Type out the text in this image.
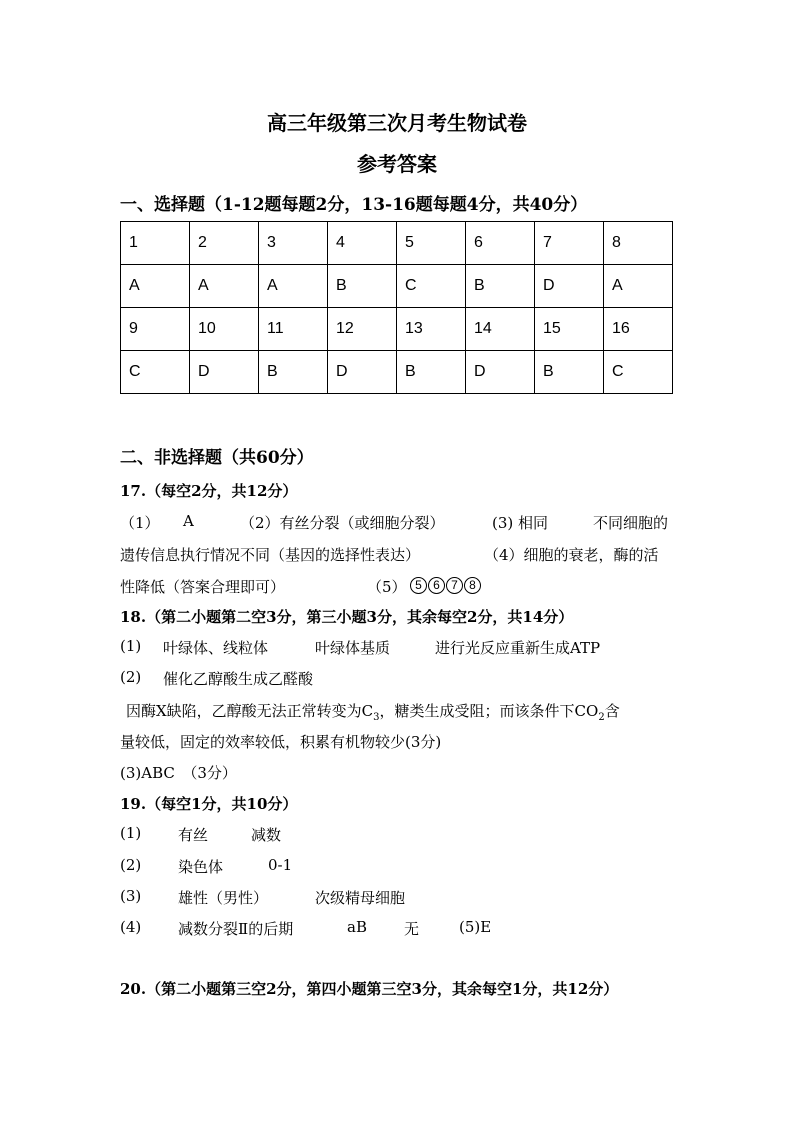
高三年级第三次月考生物试卷
参考答案
一、选择题（1-12题每题2分，13-16题每题4分，共40分）
1	2	3	4	5	6	7	8
A	A	A	B	C	B	D	A
9	10	11	12	13	14	15	16
C	D	B	D	B	D	B	C
二、非选择题（共60分）
17.（每空2分，共12分）
（1） A	（2）有丝分裂（或细胞分裂）	(3) 相同	不同细胞的
遗传信息执行情况不同（基因的选择性表达）	（4）细胞的衰老，酶的活
性降低（答案合理即可）	（5） 5 6 7 8
18.（第二小题第二空3分，第三小题3分，其余每空2分，共14分）
(1) 叶绿体、线粒体	叶绿体基质	进行光反应重新生成ATP
(2) 催化乙醇酸生成乙醛酸
因酶X缺陷，乙醇酸无法正常转变为$C_3$，糖类生成受阻；而该条件下$CO_2$含
量较低，固定的效率较低，积累有机物较少(3分)
(3)ABC　（3分）
19.（每空1分，共10分）
(1) 有丝	减数
(2) 染色体	0-1
(3) 雄性（男性）	次级精母细胞
(4) 减数分裂Ⅱ的后期	aB 无	(5)E
20.（第二小题第三空2分，第四小题第三空3分，其余每空1分，共12分）
